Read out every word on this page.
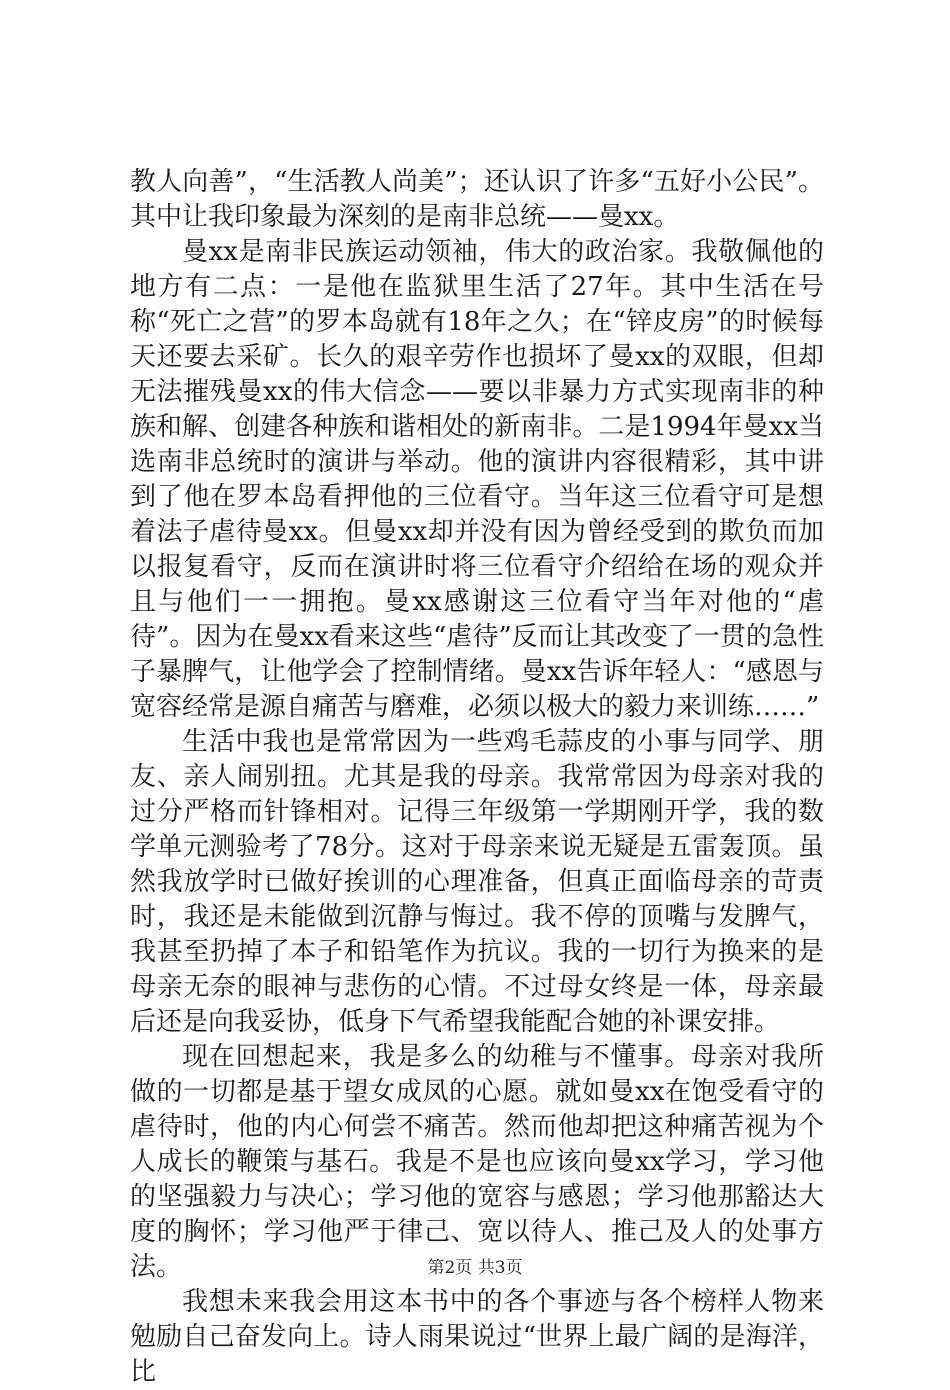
教人向善”，“生活教人尚美”；还认识了许多“五好小公民”。其中让我印象最为深刻的是南非总统——曼xx。

曼xx是南非民族运动领袖，伟大的政治家。我敬佩他的地方有二点：一是他在监狱里生活了27年。其中生活在号称“死亡之营”的罗本岛就有18年之久；在“锌皮房”的时候每天还要去采矿。长久的艰辛劳作也损坏了曼xx的双眼，但却无法摧残曼xx的伟大信念——要以非暴力方式实现南非的种族和解、创建各种族和谐相处的新南非。二是1994年曼xx当选南非总统时的演讲与举动。他的演讲内容很精彩，其中讲到了他在罗本岛看押他的三位看守。当年这三位看守可是想着法子虐待曼xx。但曼xx却并没有因为曾经受到的欺负而加以报复看守，反而在演讲时将三位看守介绍给在场的观众并且与他们一一拥抱。曼xx感谢这三位看守当年对他的“虐待”。因为在曼xx看来这些“虐待”反而让其改变了一贯的急性子暴脾气，让他学会了控制情绪。曼xx告诉年轻人：“感恩与宽容经常是源自痛苦与磨难，必须以极大的毅力来训练……”

生活中我也是常常因为一些鸡毛蒜皮的小事与同学、朋友、亲人闹别扭。尤其是我的母亲。我常常因为母亲对我的过分严格而针锋相对。记得三年级第一学期刚开学，我的数学单元测验考了78分。这对于母亲来说无疑是五雷轰顶。虽然我放学时已做好挨训的心理准备，但真正面临母亲的苛责时，我还是未能做到沉静与悔过。我不停的顶嘴与发脾气，我甚至扔掉了本子和铅笔作为抗议。我的一切行为换来的是母亲无奈的眼神与悲伤的心情。不过母女终是一体，母亲最后还是向我妥协，低身下气希望我能配合她的补课安排。

现在回想起来，我是多么的幼稚与不懂事。母亲对我所做的一切都是基于望女成凤的心愿。就如曼xx在饱受看守的虐待时，他的内心何尝不痛苦。然而他却把这种痛苦视为个人成长的鞭策与基石。我是不是也应该向曼xx学习，学习他的坚强毅力与决心；学习他的宽容与感恩；学习他那豁达大度的胸怀；学习他严于律己、宽以待人、推己及人的处事方法。

我想未来我会用这本书中的各个事迹与各个榜样人物来勉励自己奋发向上。诗人雨果说过“世界上最广阔的是海洋，比

第2页 共3页
